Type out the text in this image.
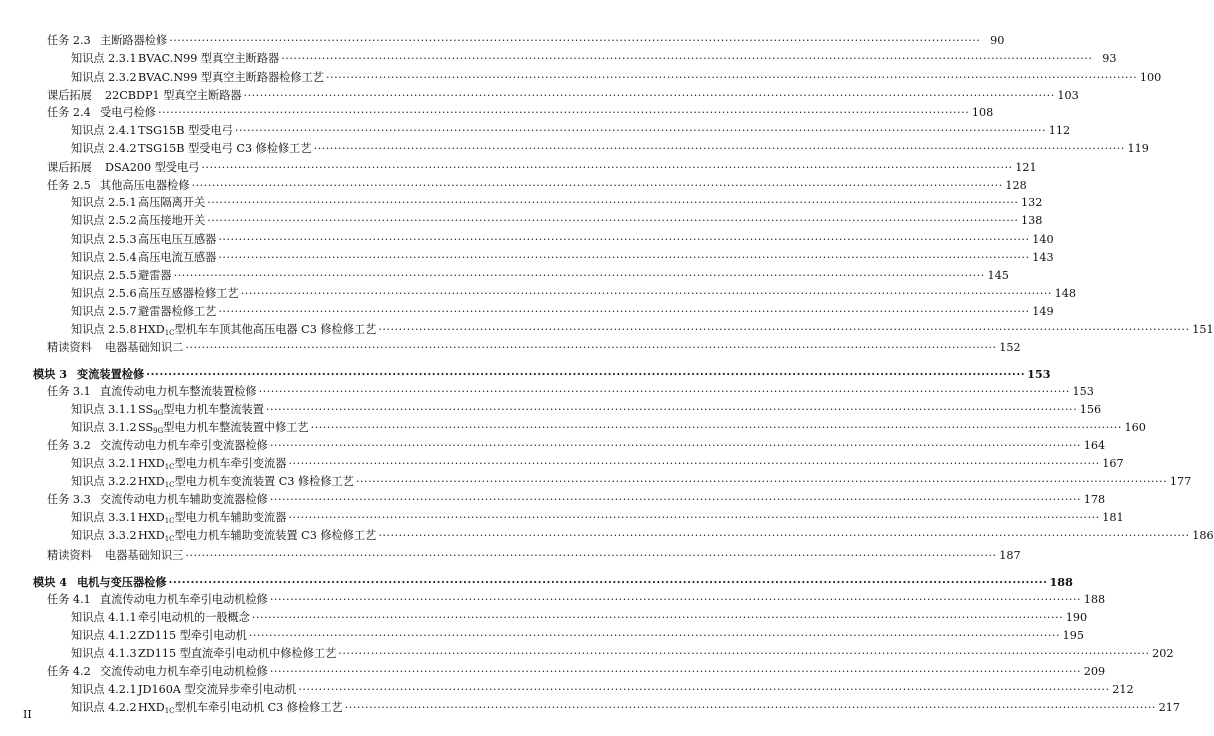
任务 2.3 主断路器检修 ········································································································································································································ 90
知识点 2.3.1 BVAC.N99 型真空主断路器 ········································································································································································································ 93
知识点 2.3.2 BVAC.N99 型真空主断路器检修工艺 ········································································································································································································ 100
课后拓展	22CBDP1 型真空主断路器 ········································································································································································································ 103
任务 2.4 受电弓检修 ········································································································································································································ 108
知识点 2.4.1 TSG15B 型受电弓 ········································································································································································································ 112
知识点 2.4.2 TSG15B 型受电弓 C3 修检修工艺 ········································································································································································································ 119
课后拓展	DSA200 型受电弓 ········································································································································································································ 121
任务 2.5 其他高压电器检修 ········································································································································································································ 128
知识点 2.5.1 高压隔离开关 ········································································································································································································ 132
知识点 2.5.2 高压接地开关 ········································································································································································································ 138
知识点 2.5.3 高压电压互感器 ········································································································································································································ 140
知识点 2.5.4 高压电流互感器 ········································································································································································································ 143
知识点 2.5.5 避雷器 ········································································································································································································ 145
知识点 2.5.6 高压互感器检修工艺 ········································································································································································································ 148
知识点 2.5.7 避雷器检修工艺 ········································································································································································································ 149
知识点 2.5.8 $HXD_{1C}$型机车车顶其他高压电器 C3 修检修工艺 ········································································································································································································ 151
精读资料	电器基础知识二 ········································································································································································································ 152
模块 3 变流装置检修 ········································································································································································································ 153
任务 3.1 直流传动电力机车整流装置检修 ········································································································································································································ 153
知识点 3.1.1 $SS_{9G}$型电力机车整流装置 ········································································································································································································ 156
知识点 3.1.2 $SS_{9G}$型电力机车整流装置中修工艺 ········································································································································································································ 160
任务 3.2 交流传动电力机车牵引变流器检修 ········································································································································································································ 164
知识点 3.2.1 $HXD_{1C}$型电力机车牵引变流器 ········································································································································································································ 167
知识点 3.2.2 $HXD_{1C}$型电力机车变流装置 C3 修检修工艺 ········································································································································································································ 177
任务 3.3 交流传动电力机车辅助变流器检修 ········································································································································································································ 178
知识点 3.3.1 $HXD_{1C}$型电力机车辅助变流器 ········································································································································································································ 181
知识点 3.3.2 $HXD_{1C}$型电力机车辅助变流装置 C3 修检修工艺 ········································································································································································································ 186
精读资料	电器基础知识三 ········································································································································································································ 187
模块 4 电机与变压器检修 ········································································································································································································ 188
任务 4.1 直流传动电力机车牵引电动机检修 ········································································································································································································ 188
知识点 4.1.1 牵引电动机的一般概念 ········································································································································································································ 190
知识点 4.1.2 ZD115 型牵引电动机 ········································································································································································································ 195
知识点 4.1.3 ZD115 型直流牵引电动机中修检修工艺 ········································································································································································································ 202
任务 4.2 交流传动电力机车牵引电动机检修 ········································································································································································································ 209
知识点 4.2.1 JD160A 型交流异步牵引电动机 ········································································································································································································ 212
知识点 4.2.2 $HXD_{1C}$型机车牵引电动机 C3 修检修工艺 ········································································································································································································ 217
II
